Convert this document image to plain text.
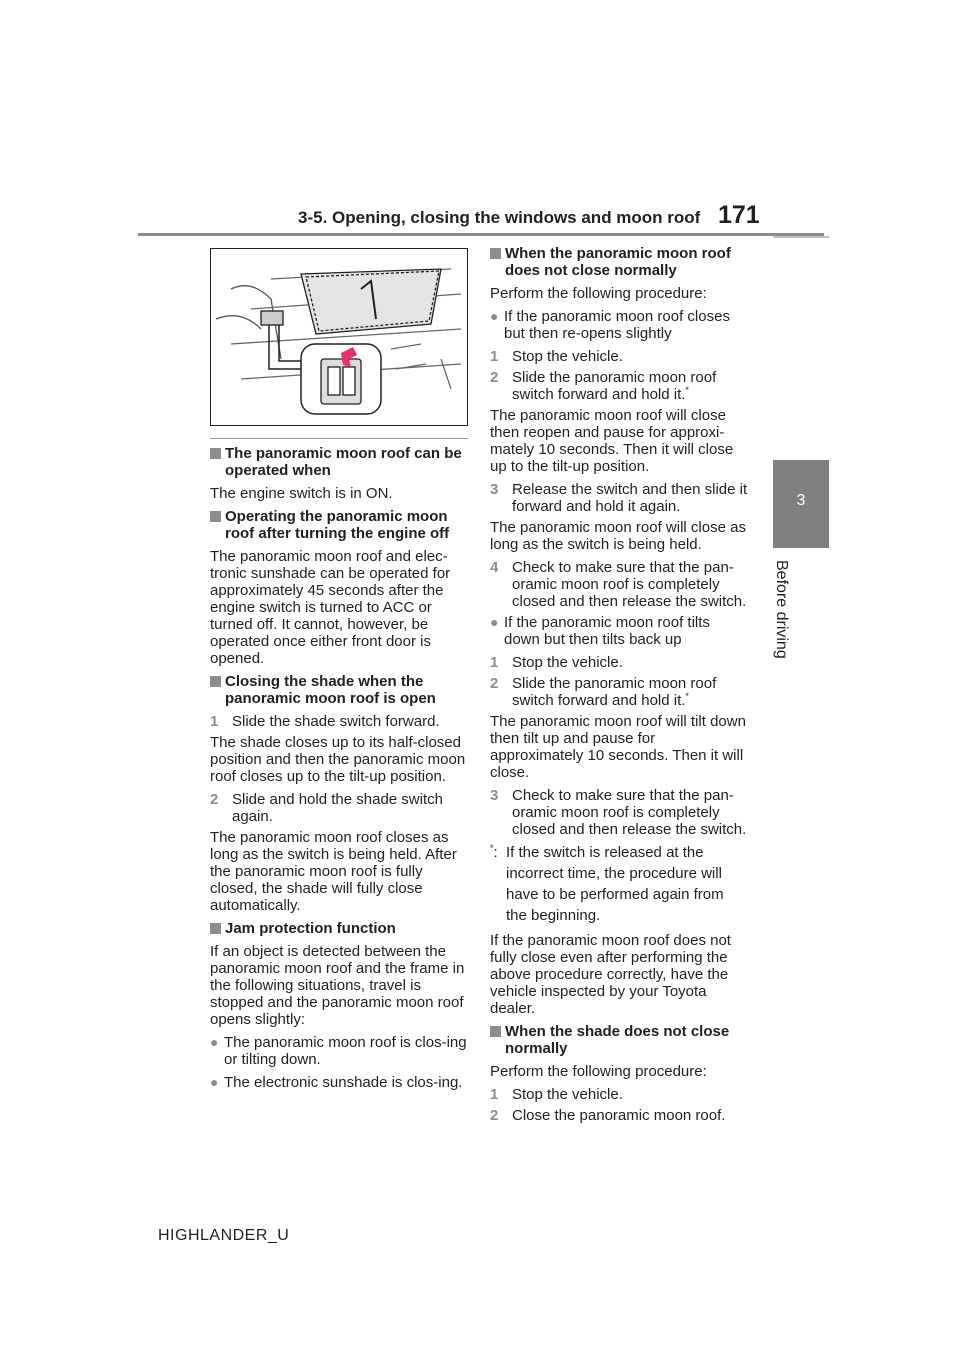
3-5. Opening, closing the windows and moon roof 171
3
Before driving
The panoramic moon roof can be operated when

The engine switch is in ON.

Operating the panoramic moon roof after turning the engine off

The panoramic moon roof and elec-tronic sunshade can be operated for approximately 45 seconds after the engine switch is turned to ACC or turned off. It cannot, however, be operated once either front door is opened.

Closing the shade when the panoramic moon roof is open
1 Slide the shade switch forward.

The shade closes up to its half-closed position and then the panoramic moon roof closes up to the tilt-up position.

2 Slide and hold the shade switch again.

The panoramic moon roof closes as long as the switch is being held. After the panoramic moon roof is fully closed, the shade will fully close automatically.

Jam protection function

If an object is detected between the panoramic moon roof and the frame in the following situations, travel is stopped and the panoramic moon roof opens slightly:

● The panoramic moon roof is clos-ing or tilting down.
● The electronic sunshade is clos-ing.
When the panoramic moon roof does not close normally

Perform the following procedure:

● If the panoramic moon roof closes but then re-opens slightly
1 Stop the vehicle.
2 Slide the panoramic moon roof switch forward and hold it.*

The panoramic moon roof will close then reopen and pause for approxi-mately 10 seconds. Then it will close up to the tilt-up position.

3 Release the switch and then slide it forward and hold it again.

The panoramic moon roof will close as long as the switch is being held.

4 Check to make sure that the pan-oramic moon roof is completely closed and then release the switch.
● If the panoramic moon roof tilts down but then tilts back up
1 Stop the vehicle.
2 Slide the panoramic moon roof switch forward and hold it.*

The panoramic moon roof will tilt down then tilt up and pause for approximately 10 seconds. Then it will close.

3 Check to make sure that the pan-oramic moon roof is completely closed and then release the switch.
*: If the switch is released at the incorrect time, the procedure will have to be performed again from the beginning.

If the panoramic moon roof does not fully close even after performing the above procedure correctly, have the vehicle inspected by your Toyota dealer.

When the shade does not close normally

Perform the following procedure:

1 Stop the vehicle.
2 Close the panoramic moon roof.
HIGHLANDER_U
